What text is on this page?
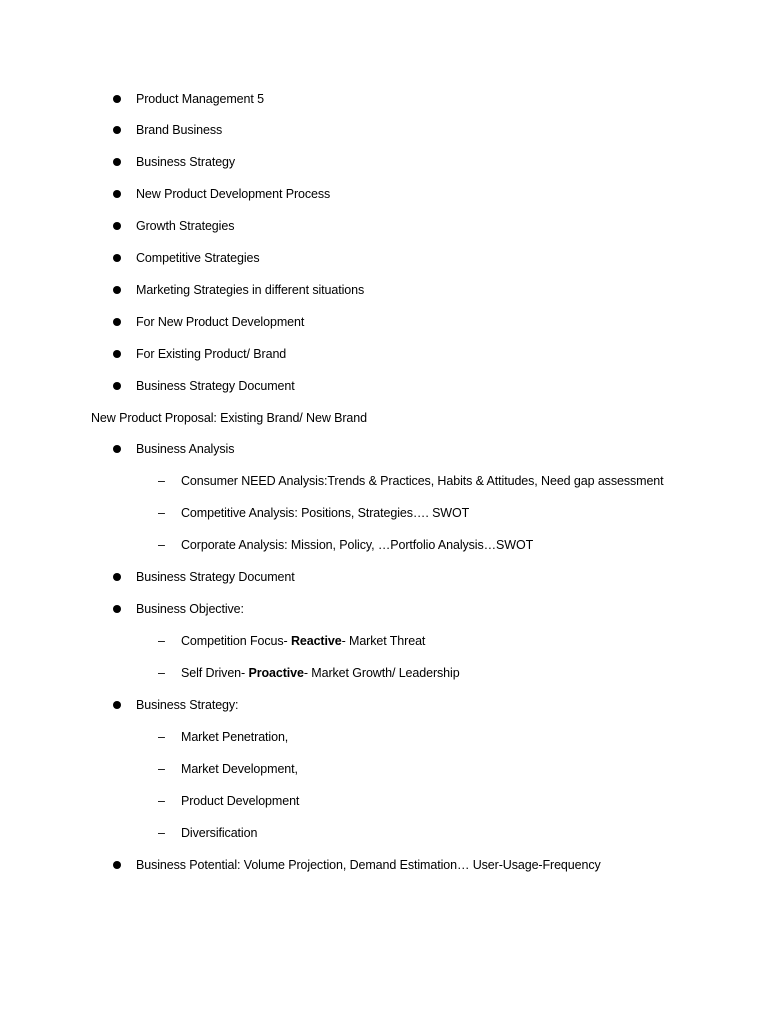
Product Management 5
Brand Business
Business Strategy
New Product Development Process
Growth Strategies
Competitive Strategies
Marketing Strategies in different situations
For New Product Development
For Existing Product/ Brand
Business Strategy Document
New Product Proposal: Existing Brand/ New Brand
Business Analysis
– Consumer NEED Analysis:Trends & Practices, Habits & Attitudes, Need gap assessment
– Competitive Analysis: Positions, Strategies…. SWOT
– Corporate Analysis: Mission, Policy, …Portfolio Analysis…SWOT
Business Strategy Document
Business Objective:
– Competition Focus- Reactive- Market Threat
– Self Driven- Proactive- Market Growth/ Leadership
Business Strategy:
– Market Penetration,
– Market Development,
– Product Development
– Diversification
Business Potential: Volume Projection, Demand Estimation… User-Usage-Frequency
